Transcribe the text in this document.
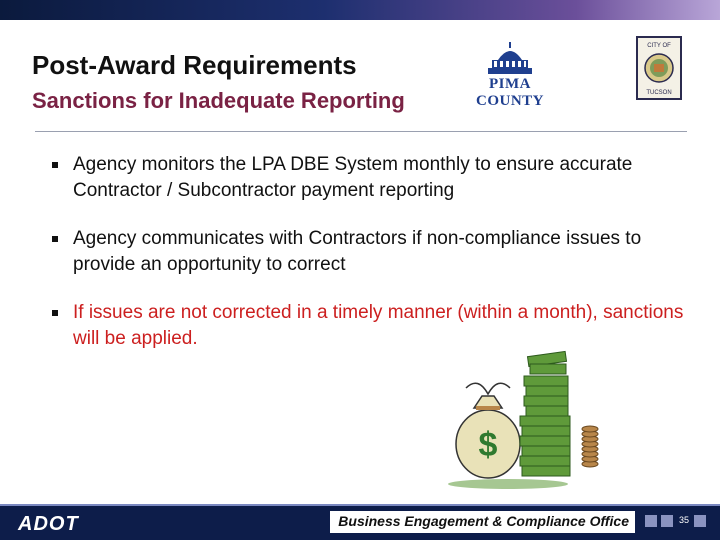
Post-Award Requirements
Sanctions for Inadequate Reporting
PIMA COUNTY
CITY OF
TUCSON
Agency monitors the LPA DBE System monthly to ensure accurate Contractor / Subcontractor payment reporting
Agency communicates with Contractors if non-compliance issues to provide an opportunity to correct
If issues are not corrected in a timely manner (within a month), sanctions will be applied.
$
ADOT	Business Engagement & Compliance Office	35
